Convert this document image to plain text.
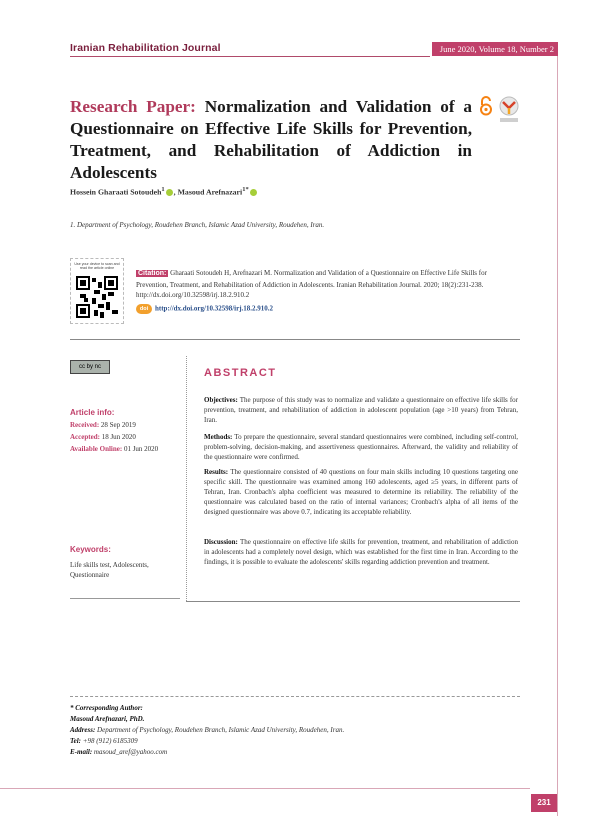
Iranian Rehabilitation Journal	June 2020, Volume 18, Number 2
Research Paper: Normalization and Validation of a Questionnaire on Effective Life Skills for Prevention, Treatment, and Rehabilitation of Addiction in Adolescents
Hossein Gharaati Sotoudeh$^1$ , Masoud Arefnazari$^{1*}$
1. Department of Psychology, Roudehen Branch, Islamic Azad University, Roudehen, Iran.
Use your device to scan and read the article online
Citation: Gharaati Sotoudeh H, Arefnazari M. Normalization and Validation of a Questionnaire on Effective Life Skills for Prevention, Treatment, and Rehabilitation of Addiction in Adolescents. Iranian Rehabilitation Journal. 2020; 18(2):231-238. http://dx.doi.org/10.32598/irj.18.2.910.2
doi http://dx.doi.org/10.32598/irj.18.2.910.2
cc by nc
Article info:
Received: 28 Sep 2019
Accepted: 18 Jun 2020
Available Online: 01 Jun 2020
Keywords:
Life skills test, Adolescents, Questionnaire
ABSTRACT
Objectives: The purpose of this study was to normalize and validate a questionnaire on effective life skills for prevention, treatment, and rehabilitation of addiction in adolescent population (age >10 years) from Tehran, Iran.
Methods: To prepare the questionnaire, several standard questionnaires were combined, including self-control, problem-solving, decision-making, and assertiveness questionnaires. Afterward, the validity and reliability of the questionnaire were confirmed.
Results: The questionnaire consisted of 40 questions on four main skills including 10 questions targeting one specific skill. The questionnaire was examined among 160 adolescents, aged ≥5 years, in different parts of Tehran, Iran. Cronbach's alpha coefficient was measured to determine its reliability. The reliability of the questionnaire was calculated based on the ratio of internal variances; Cronbach's alpha of all items of the designed questionnaire was above 0.7, indicating its acceptable reliability.
Discussion: The questionnaire on effective life skills for prevention, treatment, and rehabilitation of addiction in adolescents had a completely novel design, which was established for the first time in Iran. According to the findings, it is possible to evaluate the adolescents' skills regarding addiction prevention and treatment.
* Corresponding Author:
Masoud Arefnazari, PhD.
Address: Department of Psychology, Roudehen Branch, Islamic Azad University, Roudehen, Iran.
Tel: +98 (912) 6185309
E-mail: masoud_aref@yahoo.com
231
